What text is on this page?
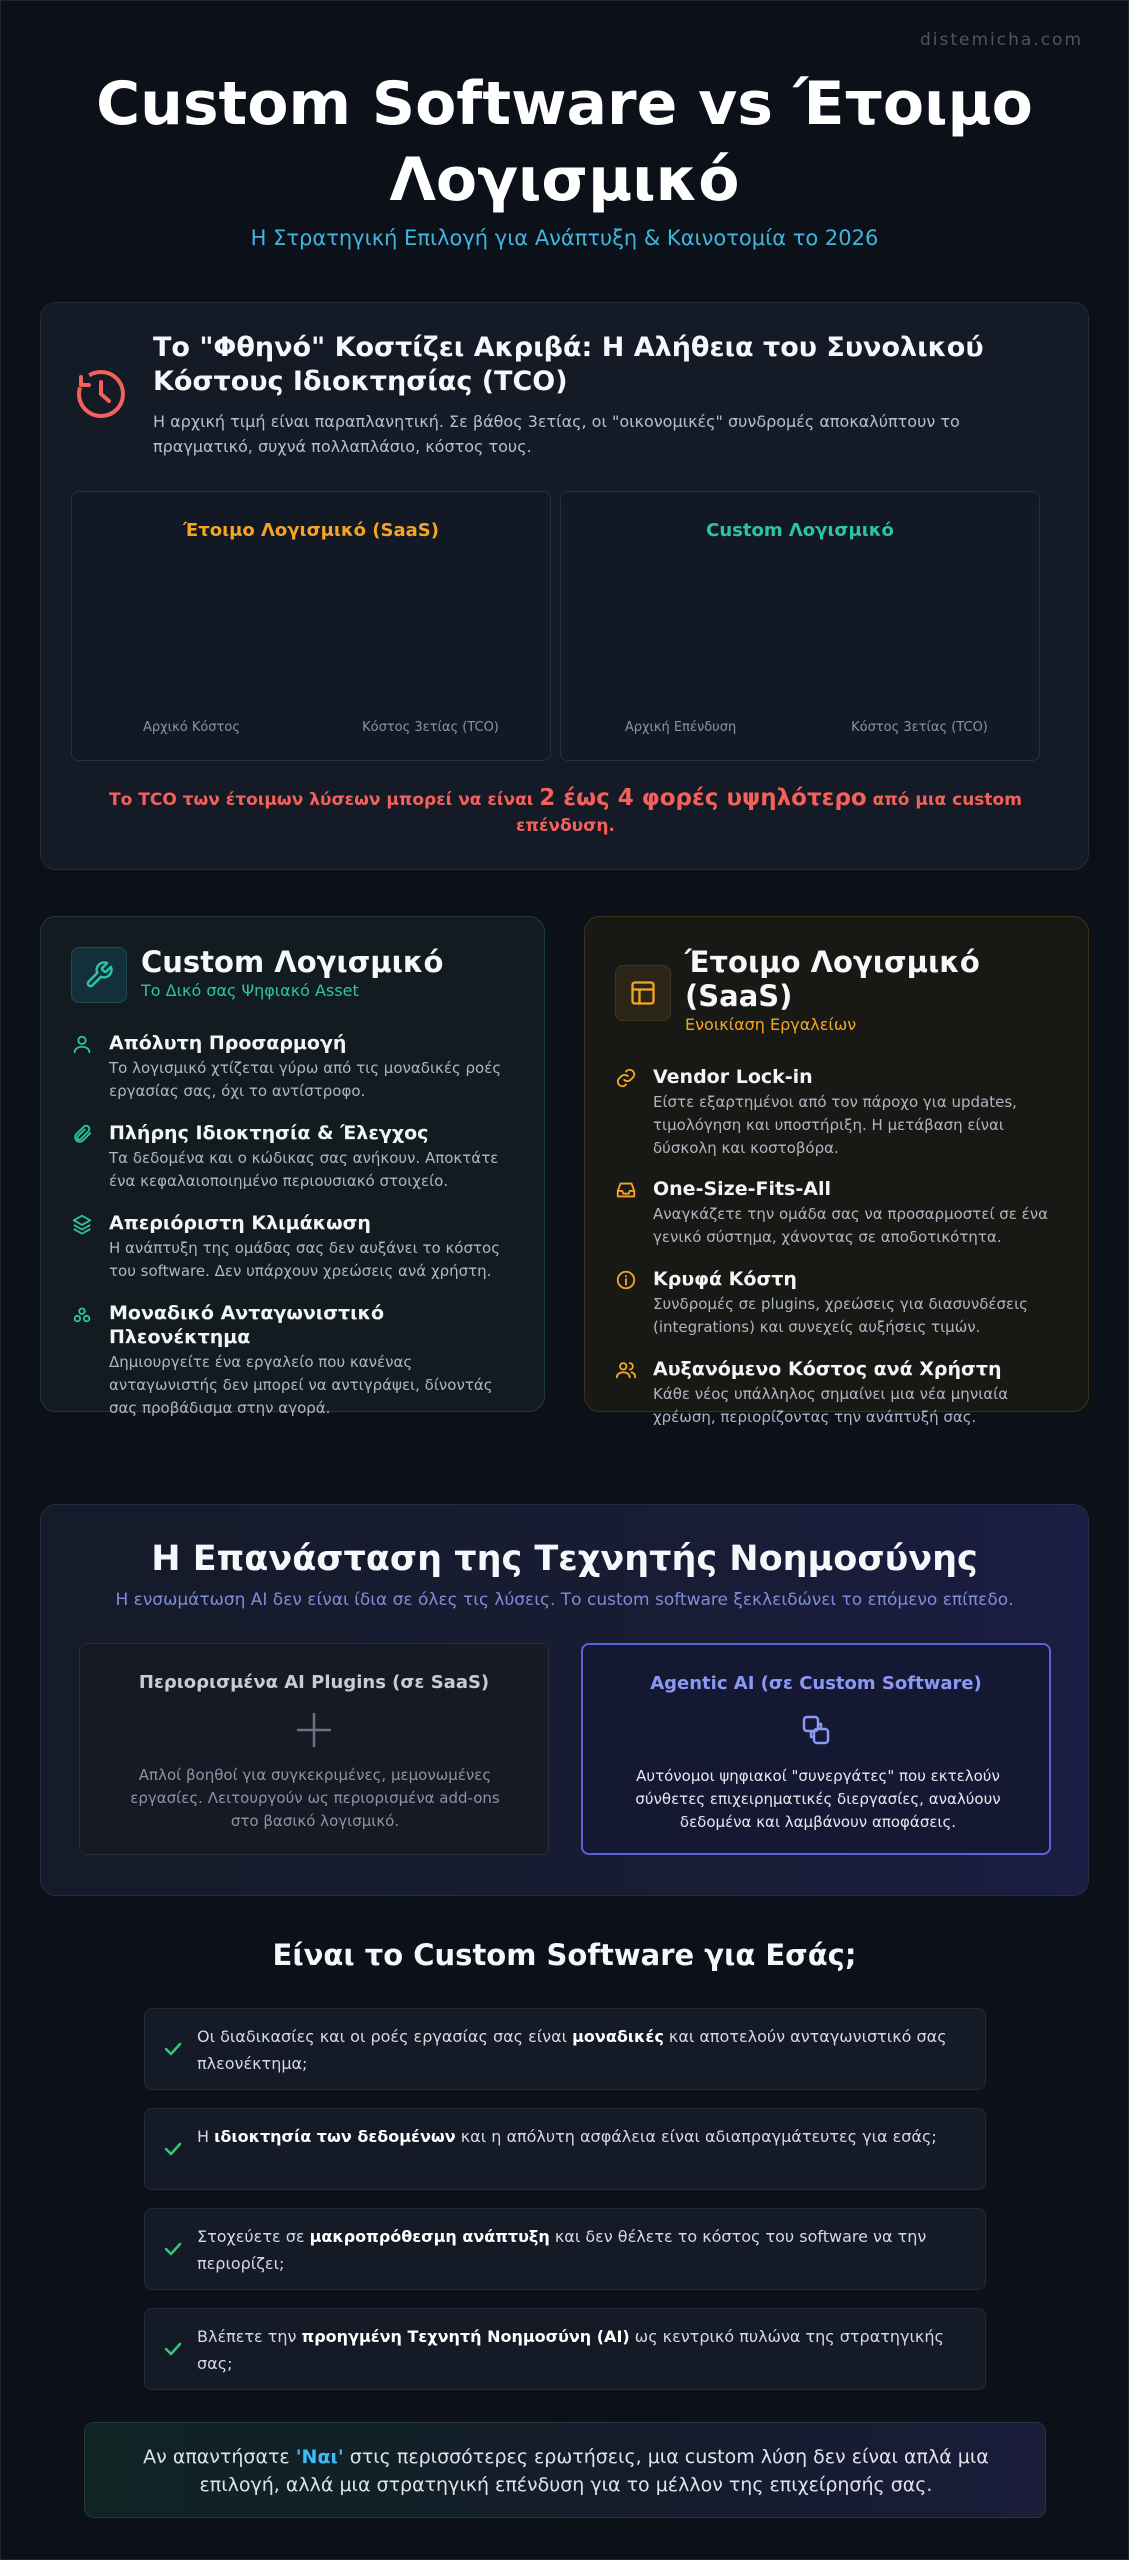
distemicha.com
Custom Software vs Έτοιμο Λογισμικό
Η Στρατηγική Επιλογή για Ανάπτυξη & Καινοτομία το 2026
Το "Φθηνό" Κοστίζει Ακριβά: Η Αλήθεια του Συνολικού Κόστους Ιδιοκτησίας (TCO)
Η αρχική τιμή είναι παραπλανητική. Σε βάθος 3ετίας, οι "οικονομικές" συνδρομές αποκαλύπτουν το πραγματικό, συχνά πολλαπλάσιο, κόστος τους.
Έτοιμο Λογισμικό (SaaS)
Αρχικό Κόστος	Κόστος 3ετίας (TCO)
Custom Λογισμικό
Αρχική Επένδυση	Κόστος 3ετίας (TCO)
Το TCO των έτοιμων λύσεων μπορεί να είναι 2 έως 4 φορές υψηλότερο από μια custom επένδυση.
Custom Λογισμικό
Το Δικό σας Ψηφιακό Asset
Απόλυτη Προσαρμογή
Το λογισμικό χτίζεται γύρω από τις μοναδικές ροές εργασίας σας, όχι το αντίστροφο.
Πλήρης Ιδιοκτησία & Έλεγχος
Τα δεδομένα και ο κώδικας σας ανήκουν. Αποκτάτε ένα κεφαλαιοποιημένο περιουσιακό στοιχείο.
Απεριόριστη Κλιμάκωση
Η ανάπτυξη της ομάδας σας δεν αυξάνει το κόστος του software. Δεν υπάρχουν χρεώσεις ανά χρήστη.
Μοναδικό Ανταγωνιστικό Πλεονέκτημα
Δημιουργείτε ένα εργαλείο που κανένας ανταγωνιστής δεν μπορεί να αντιγράψει, δίνοντάς σας προβάδισμα στην αγορά.
Έτοιμο Λογισμικό (SaaS)
Ενοικίαση Εργαλείων
Vendor Lock-in
Είστε εξαρτημένοι από τον πάροχο για updates, τιμολόγηση και υποστήριξη. Η μετάβαση είναι δύσκολη και κοστοβόρα.
One-Size-Fits-All
Αναγκάζετε την ομάδα σας να προσαρμοστεί σε ένα γενικό σύστημα, χάνοντας σε αποδοτικότητα.
Κρυφά Κόστη
Συνδρομές σε plugins, χρεώσεις για διασυνδέσεις (integrations) και συνεχείς αυξήσεις τιμών.
Αυξανόμενο Κόστος ανά Χρήστη
Κάθε νέος υπάλληλος σημαίνει μια νέα μηνιαία χρέωση, περιορίζοντας την ανάπτυξή σας.
Η Επανάσταση της Τεχνητής Νοημοσύνης
Η ενσωμάτωση AI δεν είναι ίδια σε όλες τις λύσεις. Το custom software ξεκλειδώνει το επόμενο επίπεδο.
Περιορισμένα AI Plugins (σε SaaS)
Απλοί βοηθοί για συγκεκριμένες, μεμονωμένες εργασίες. Λειτουργούν ως περιορισμένα add-ons στο βασικό λογισμικό.
Agentic AI (σε Custom Software)
Αυτόνομοι ψηφιακοί "συνεργάτες" που εκτελούν σύνθετες επιχειρηματικές διεργασίες, αναλύουν δεδομένα και λαμβάνουν αποφάσεις.
Είναι το Custom Software για Εσάς;
Οι διαδικασίες και οι ροές εργασίας σας είναι μοναδικές και αποτελούν ανταγωνιστικό σας πλεονέκτημα;
Η ιδιοκτησία των δεδομένων και η απόλυτη ασφάλεια είναι αδιαπραγμάτευτες για εσάς;
Στοχεύετε σε μακροπρόθεσμη ανάπτυξη και δεν θέλετε το κόστος του software να την περιορίζει;
Βλέπετε την προηγμένη Τεχνητή Νοημοσύνη (AI) ως κεντρικό πυλώνα της στρατηγικής σας;
Αν απαντήσατε 'Ναι' στις περισσότερες ερωτήσεις, μια custom λύση δεν είναι απλά μια επιλογή, αλλά μια στρατηγική επένδυση για το μέλλον της επιχείρησής σας.
